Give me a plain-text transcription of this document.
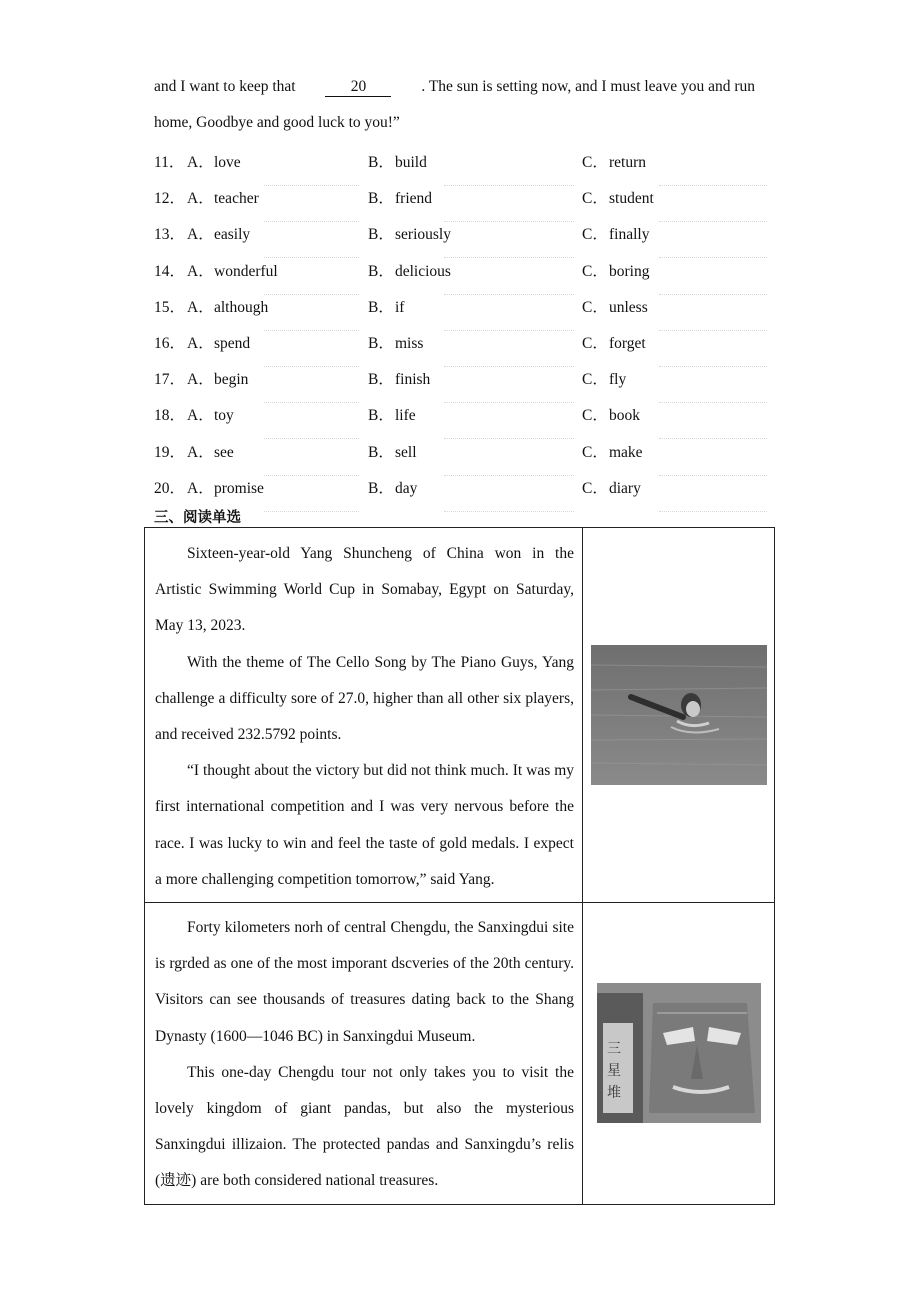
and I want to keep that	20	. The sun is setting now, and I must leave you and run
home, Goodbye and good luck to you!”
11． A．love	B．build	C．return
12． A．teacher	B．friend	C．student
13． A．easily	B．seriously	C．finally
14． A．wonderful	B．delicious	C．boring
15． A．although	B．if	C．unless
16． A．spend	B．miss	C．forget
17． A．begin	B．finish	C．fly
18． A．toy	B．life	C．book
19． A．see	B．sell	C．make
20． A．promise	B．day	C．diary
三、阅读单选

Sixteen-year-old Yang Shuncheng of China won in the Artistic Swimming World Cup in Somabay, Egypt on Saturday, May 13, 2023.

With the theme of The Cello Song by The Piano Guys, Yang challenge a difficulty sore of 27.0, higher than all other six players, and received 232.5792 points.

“I thought about the victory but did not think much. It was my first international competition and I was very nervous before the race. I was lucky to win and feel the taste of gold medals. I expect a more challenging competition tomorrow,” said Yang.

Forty kilometers norh of central Chengdu, the Sanxingdui site is rgrded as one of the most imporant dscveries of the 20th century. Visitors can see thousands of treasures dating back to the Shang Dynasty (1600—1046 BC) in Sanxingdui Museum.

This one-day Chengdu tour not only takes you to visit the lovely kingdom of giant pandas, but also the mysterious Sanxingdui illizaion. The protected pandas and Sanxingdu’s relis (遗迹) are both considered national treasures.

三
星
堆
